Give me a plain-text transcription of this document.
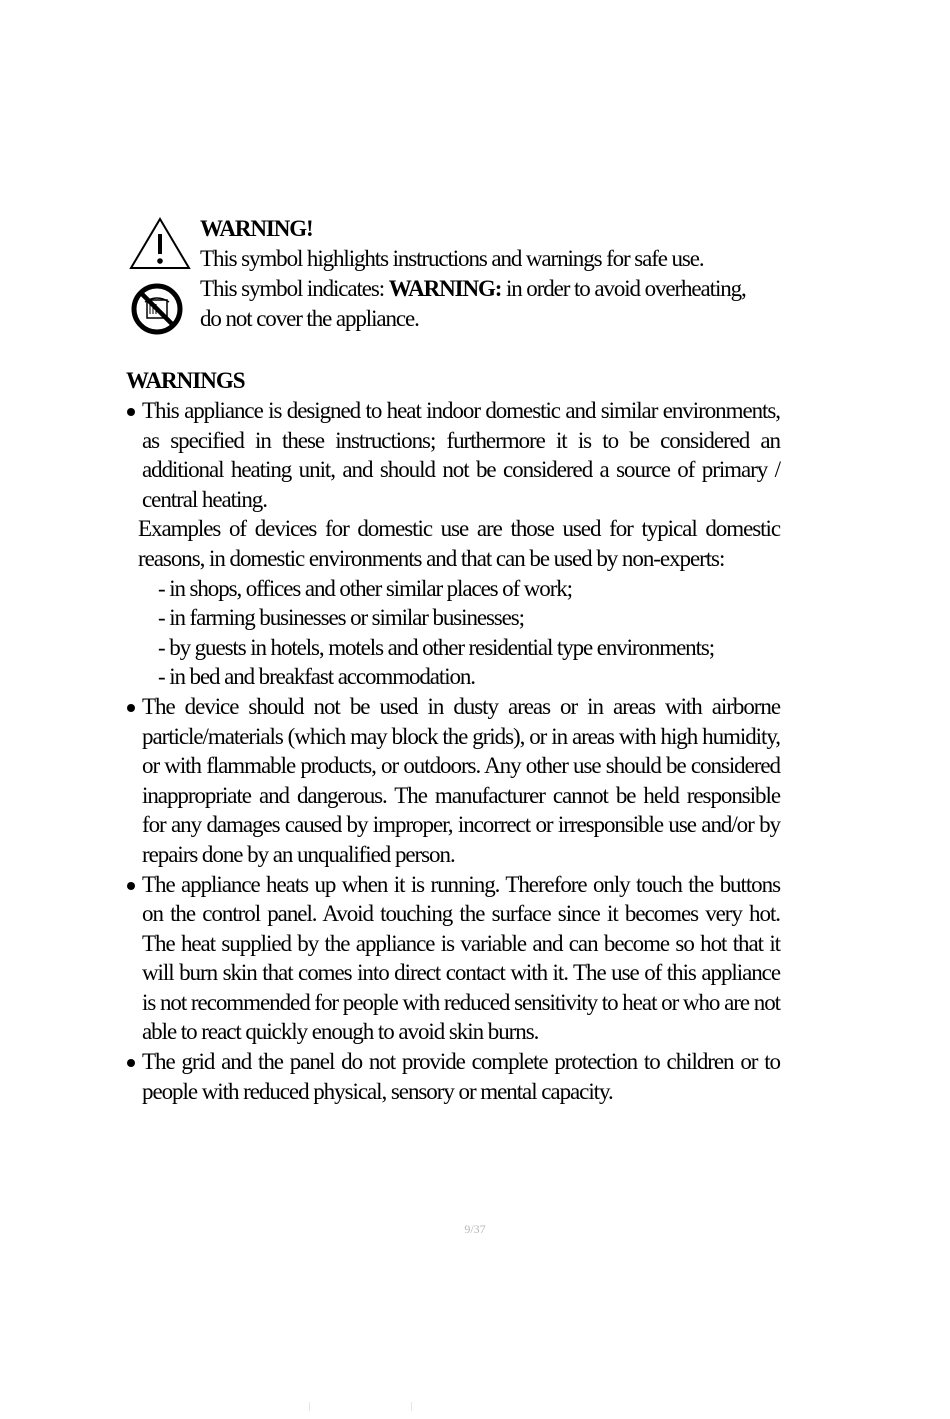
WARNING!
This symbol highlights instructions and warnings for safe use.
This symbol indicates: WARNING: in order to avoid overheating,
do not cover the appliance.
WARNINGS
This appliance is designed to heat indoor domestic and similar environments, as specified in these instructions; furthermore it is to be considered an additional heating unit, and should not be considered a source of primary / central heating.
Examples of devices for domestic use are those used for typical domestic reasons, in domestic environments and that can be used by non-experts:
- in shops, offices and other similar places of work;
- in farming businesses or similar businesses;
- by guests in hotels, motels and other residential type environments;
- in bed and breakfast accommodation.
The device should not be used in dusty areas or in areas with airborne particle/materials (which may block the grids), or in areas with high humidity, or with flammable products, or outdoors. Any other use should be considered inappropriate and dangerous. The manufacturer cannot be held responsible for any damages caused by improper, incorrect or irresponsible use and/or by repairs done by an unqualified person.
The appliance heats up when it is running. Therefore only touch the buttons on the control panel. Avoid touching the surface since it becomes very hot. The heat supplied by the appliance is variable and can become so hot that it will burn skin that comes into direct contact with it. The use of this appliance is not recommended for people with reduced sensitivity to heat or who are not able to react quickly enough to avoid skin burns.
The grid and the panel do not provide complete protection to children or to people with reduced physical, sensory or mental capacity.
9/37
